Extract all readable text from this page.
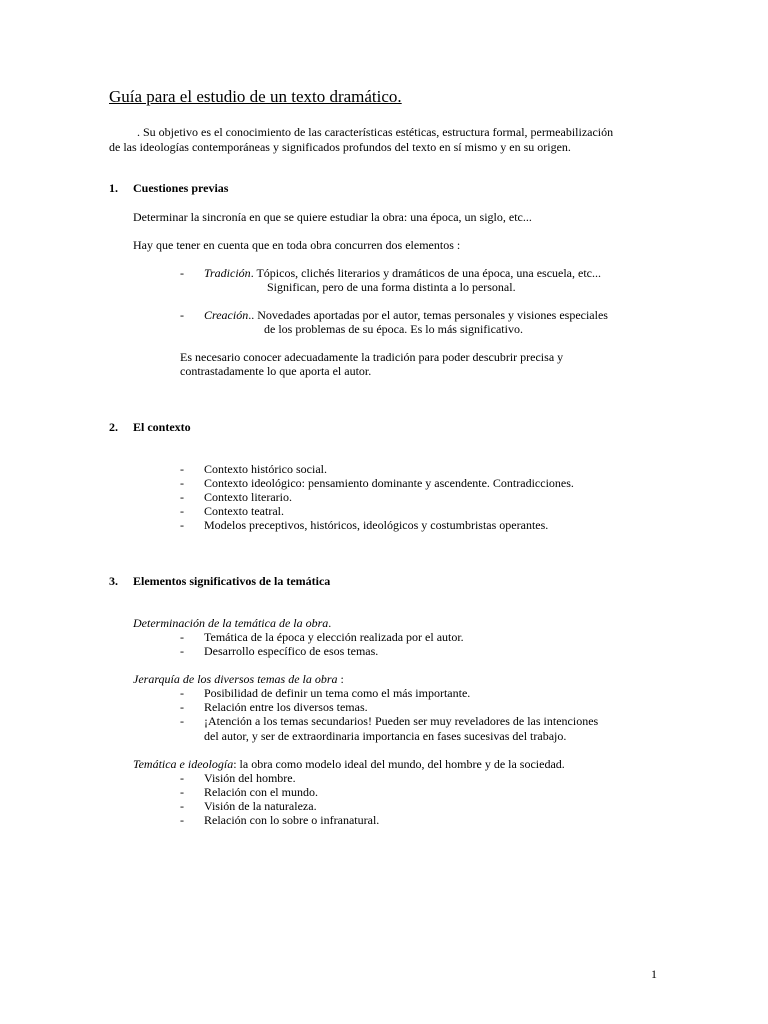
Guía para el estudio de un texto dramático.
. Su objetivo es el conocimiento de las características estéticas, estructura formal, permeabilización
de las ideologías contemporáneas y significados profundos del texto en sí mismo y en su origen.
1. Cuestiones previas
Determinar la sincronía en que se quiere estudiar la obra: una época, un siglo, etc...
Hay que tener en cuenta que en toda obra concurren dos elementos :
- Tradición. Tópicos, clichés literarios y dramáticos de una época, una escuela, etc...
Significan, pero de una forma distinta a lo personal.
- Creación.. Novedades aportadas por el autor, temas personales y visiones especiales
de los problemas de su época. Es lo más significativo.
Es necesario conocer adecuadamente la tradición para poder descubrir precisa y
contrastadamente lo que aporta el autor.
2. El contexto
- Contexto histórico social.
- Contexto ideológico: pensamiento dominante y ascendente. Contradicciones.
- Contexto literario.
- Contexto teatral.
- Modelos preceptivos, históricos, ideológicos y costumbristas operantes.
3. Elementos significativos de la temática
Determinación de la temática de la obra.
- Temática de la época y elección realizada por el autor.
- Desarrollo específico de esos temas.
Jerarquía de los diversos temas de la obra :
- Posibilidad de definir un tema como el más importante.
- Relación entre los diversos temas.
- ¡Atención a los temas secundarios! Pueden ser muy reveladores de las intenciones
del autor, y ser de extraordinaria importancia en fases sucesivas del trabajo.
Temática e ideología: la obra como modelo ideal del mundo, del hombre y de la sociedad.
- Visión del hombre.
- Relación con el mundo.
- Visión de la naturaleza.
- Relación con lo sobre o infranatural.
1
